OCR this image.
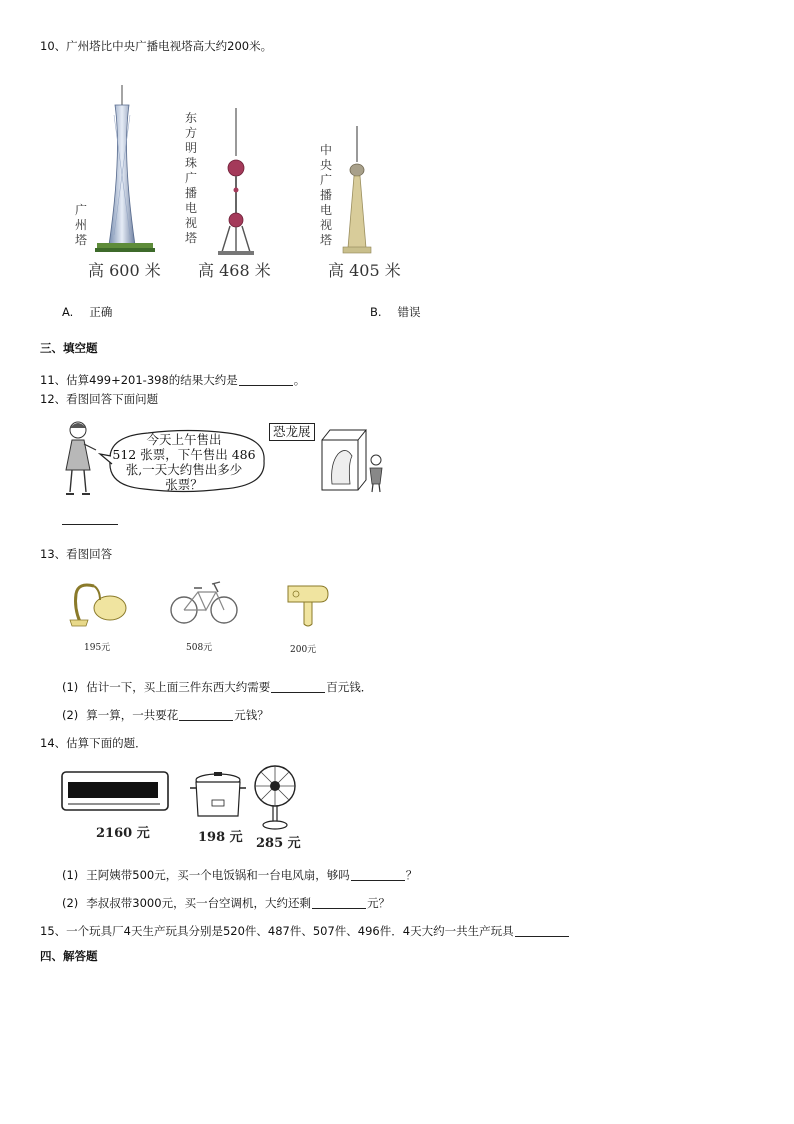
10、广州塔比中央广播电视塔高大约200米。
广州塔
高 600 米
东方明珠广播电视塔
高 468 米
中央广播电视塔
高 405 米
A. 正确	B. 错误
三、填空题
11、估算499+201-398的结果大约是	。
12、看图回答下面问题
今天上午售出
512 张票，下午售出 486
张,一天大约售出多少
张票？
恐龙展
13、看图回答
195元	508元	200元
(1) 估计一下，买上面三件东西大约需要	百元钱．
(2) 算一算，一共要花	元钱？
14、估算下面的题．
2160 元	198 元 285 元
(1) 王阿姨带500元，买一个电饭锅和一台电风扇，够吗	？
(2) 李叔叔带3000元，买一台空调机，大约还剩	元？
15、一个玩具厂4天生产玩具分别是520件、487件、507件、496件．4天大约一共生产玩具
四、解答题
